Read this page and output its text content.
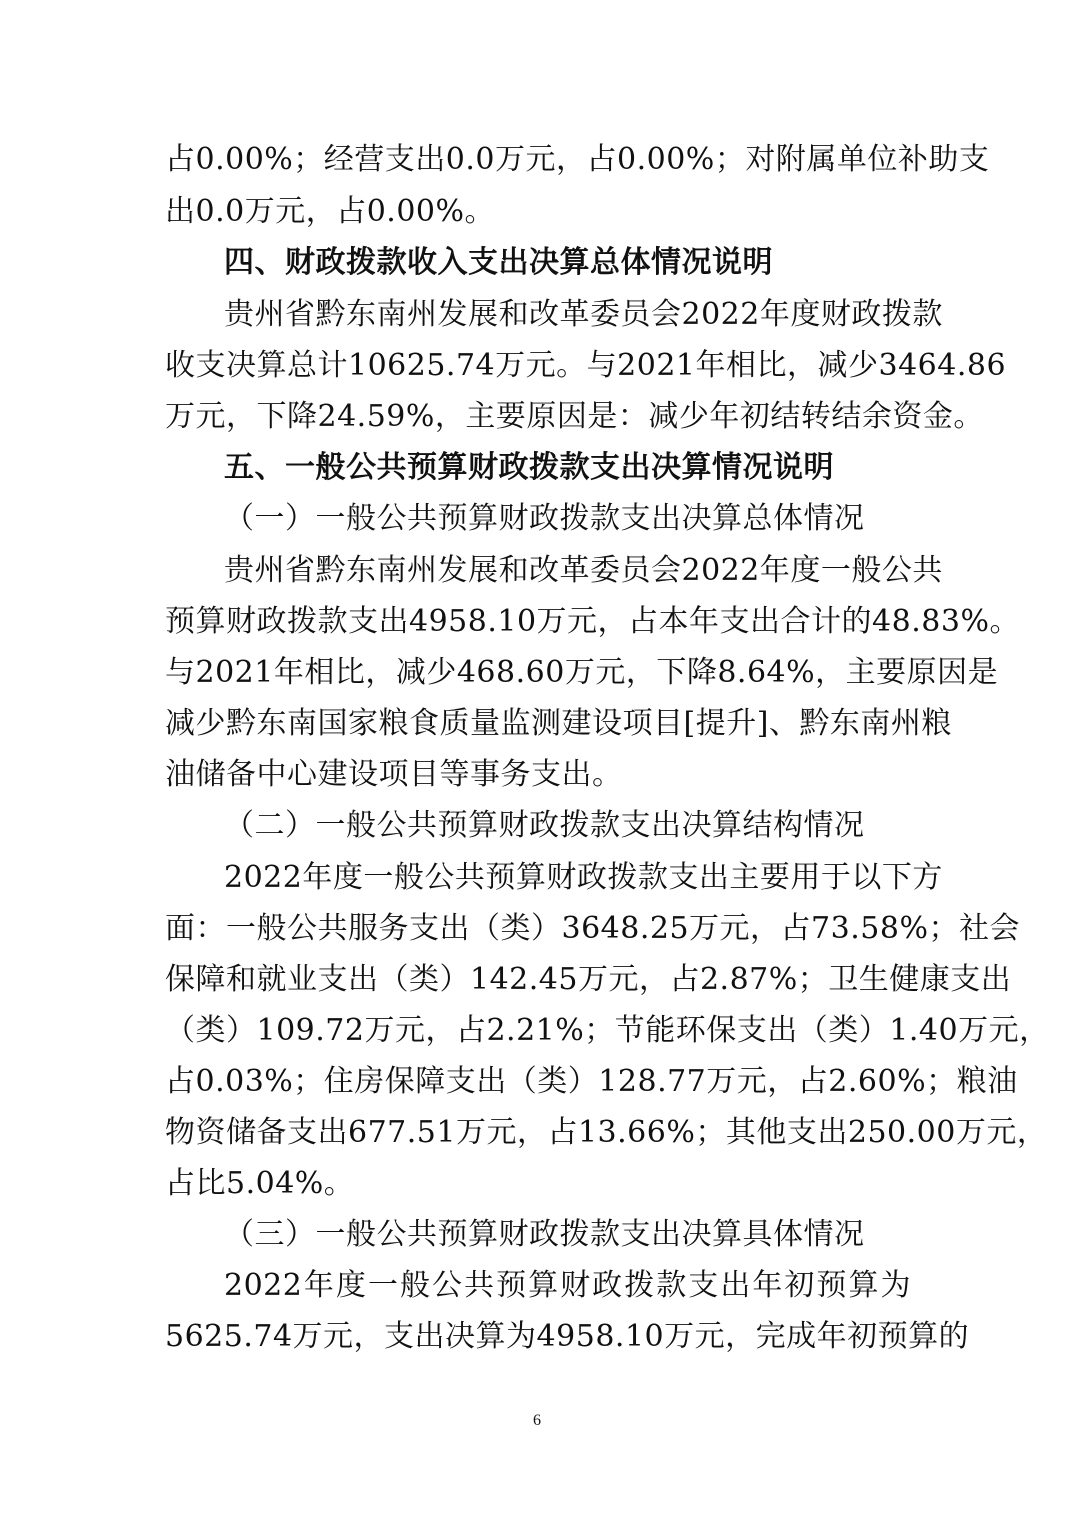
占0.00%；经营支出0.0万元，占0.00%；对附属单位补助支
出0.0万元，占0.00%。
四、财政拨款收入支出决算总体情况说明
贵州省黔东南州发展和改革委员会2022年度财政拨款
收支决算总计10625.74万元。与2021年相比，减少3464.86
万元，下降24.59%，主要原因是：减少年初结转结余资金。
五、一般公共预算财政拨款支出决算情况说明
（一）一般公共预算财政拨款支出决算总体情况
贵州省黔东南州发展和改革委员会2022年度一般公共
预算财政拨款支出4958.10万元，占本年支出合计的48.83%。
与2021年相比，减少468.60万元，下降8.64%，主要原因是
减少黔东南国家粮食质量监测建设项目[提升]、黔东南州粮
油储备中心建设项目等事务支出。
（二）一般公共预算财政拨款支出决算结构情况
2022年度一般公共预算财政拨款支出主要用于以下方
面：一般公共服务支出（类）3648.25万元，占73.58%；社会
保障和就业支出（类）142.45万元，占2.87%；卫生健康支出
（类）109.72万元，占2.21%；节能环保支出（类）1.40万元，
占0.03%；住房保障支出（类）128.77万元，占2.60%；粮油
物资储备支出677.51万元，占13.66%；其他支出250.00万元，
占比5.04%。
（三）一般公共预算财政拨款支出决算具体情况
2022年度一般公共预算财政拨款支出年初预算为
5625.74万元，支出决算为4958.10万元，完成年初预算的
6
